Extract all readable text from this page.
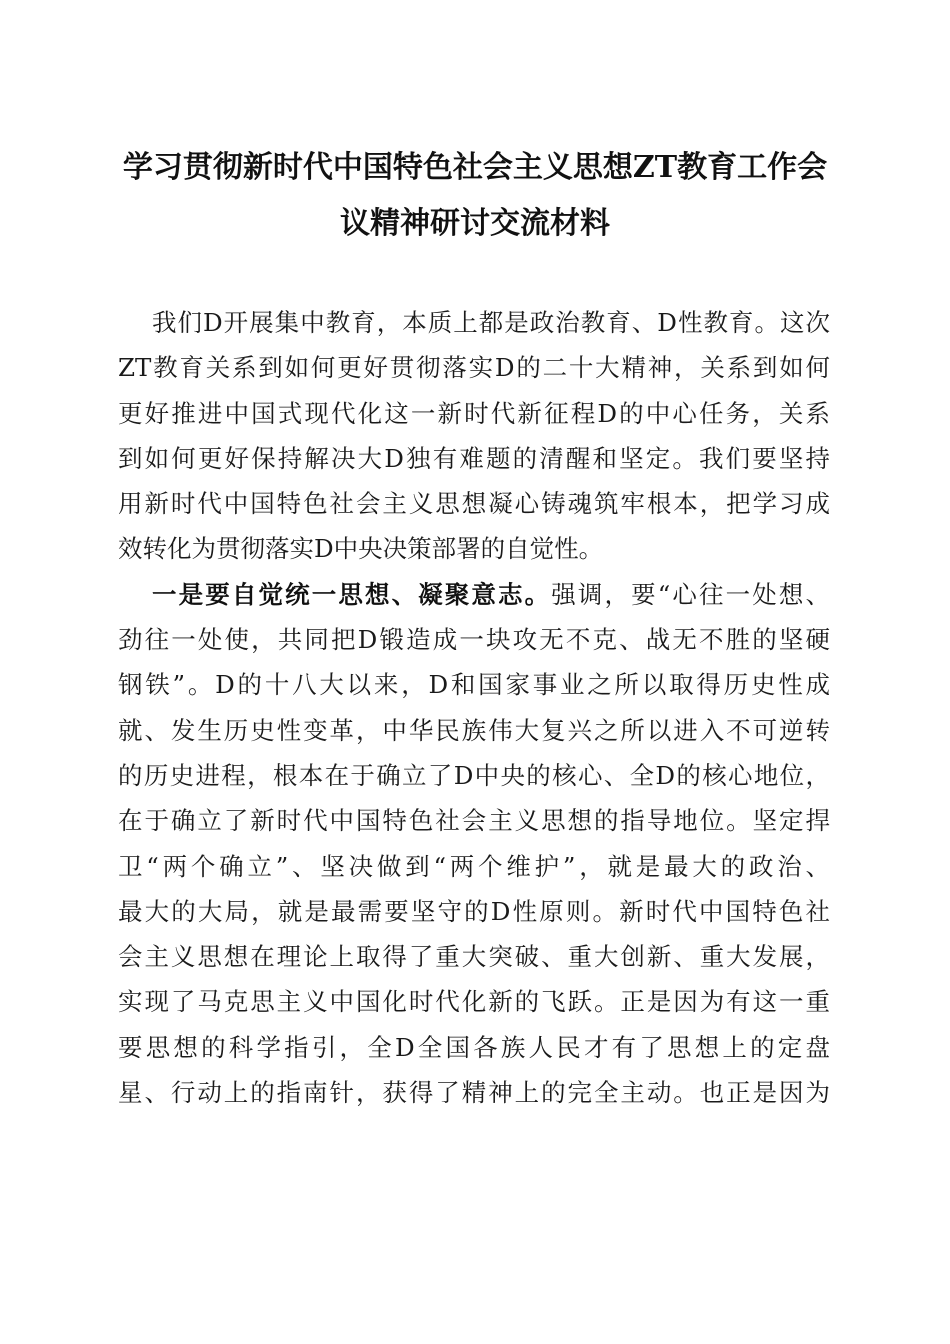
学习贯彻新时代中国特色社会主义思想ZT教育工作会
议精神研讨交流材料
我们D开展集中教育，本质上都是政治教育、D性教育。这次
ZT教育关系到如何更好贯彻落实D的二十大精神，关系到如何
更好推进中国式现代化这一新时代新征程D的中心任务，关系
到如何更好保持解决大D独有难题的清醒和坚定。我们要坚持
用新时代中国特色社会主义思想凝心铸魂筑牢根本，把学习成
效转化为贯彻落实D中央决策部署的自觉性。
一是要自觉统一思想、凝聚意志。强调，要“心往一处想、
劲往一处使，共同把D锻造成一块攻无不克、战无不胜的坚硬
钢铁”。D的十八大以来，D和国家事业之所以取得历史性成
就、发生历史性变革，中华民族伟大复兴之所以进入不可逆转
的历史进程，根本在于确立了D中央的核心、全D的核心地位，
在于确立了新时代中国特色社会主义思想的指导地位。坚定捍
卫“两个确立”、坚决做到“两个维护”，就是最大的政治、
最大的大局，就是最需要坚守的D性原则。新时代中国特色社
会主义思想在理论上取得了重大突破、重大创新、重大发展，
实现了马克思主义中国化时代化新的飞跃。正是因为有这一重
要思想的科学指引，全D全国各族人民才有了思想上的定盘
星、行动上的指南针，获得了精神上的完全主动。也正是因为
